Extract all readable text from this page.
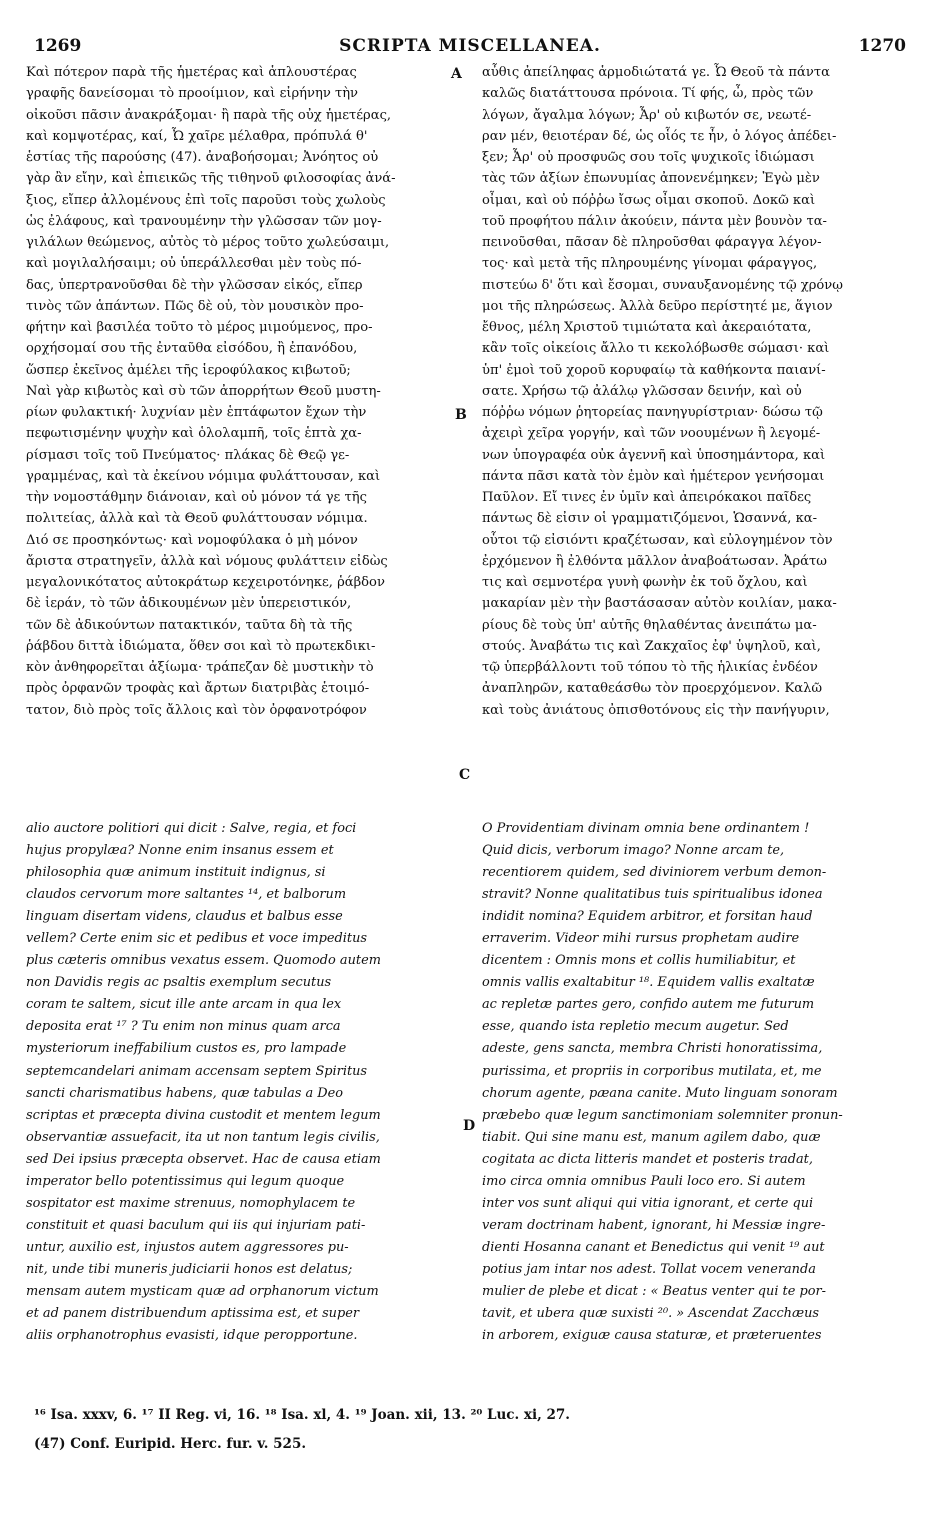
1269	SCRIPTA MISCELLANEA.	1270
Καὶ πότερον παρὰ τῆς ἡμετέρας καὶ ἁπλουστέρας
γραφῆς δανείσομαι τὸ προοίμιον, καὶ εἰρήνην τὴν
οἰκοῦσι πᾶσιν ἀνακράξομαι· ἢ παρὰ τῆς οὐχ ἡμετέρας,
καὶ κομψοτέρας, καί, Ὦ χαῖρε μέλαθρα, πρόπυλά θ'
ἑστίας τῆς παρούσης (47). ἀναβοήσομαι; Ἀνόητος οὐ
γὰρ ἂν εἴην, καὶ ἐπιεικῶς τῆς τιθηνοῦ φιλοσοφίας ἀνά-
ξιος, εἴπερ ἀλλομένους ἐπὶ τοῖς παροῦσι τοὺς χωλοὺς
ὡς ἐλάφους, καὶ τρανουμένην τὴν γλῶσσαν τῶν μογ-
γιλάλων θεώμενος, αὐτὸς τὸ μέρος τοῦτο χωλεύσαιμι,
καὶ μογιλαλήσαιμι; οὐ ὑπεράλλεσθαι μὲν τοὺς πό-
δας, ὑπερτρανοῦσθαι δὲ τὴν γλῶσσαν εἰκός, εἴπερ
τινὸς τῶν ἁπάντων. Πῶς δὲ οὐ, τὸν μουσικὸν προ-
φήτην καὶ βασιλέα τοῦτο τὸ μέρος μιμούμενος, προ-
ορχήσομαί σου τῆς ἐνταῦθα εἰσόδου, ἢ ἐπανόδου,
ὥσπερ ἐκεῖνος ἀμέλει τῆς ἱεροφύλακος κιβωτοῦ;
Ναὶ γὰρ κιβωτὸς καὶ σὺ τῶν ἀπορρήτων Θεοῦ μυστη-
ρίων φυλακτική· λυχνίαν μὲν ἑπτάφωτον ἔχων τὴν
πεφωτισμένην ψυχὴν καὶ ὁλολαμπῆ, τοῖς ἑπτὰ χα-
ρίσμασι τοῖς τοῦ Πνεύματος· πλάκας δὲ Θεῷ γε-
γραμμένας, καὶ τὰ ἐκείνου νόμιμα φυλάττουσαν, καὶ
τὴν νομοστάθμην διάνοιαν, καὶ οὐ μόνον τά γε τῆς
πολιτείας, ἀλλὰ καὶ τὰ Θεοῦ φυλάττουσαν νόμιμα.
Διό σε προσηκόντως· καὶ νομοφύλακα ὁ μὴ μόνον
ἄριστα στρατηγεῖν, ἀλλὰ καὶ νόμους φυλάττειν εἰδὼς
μεγαλονικότατος αὐτοκράτωρ κεχειροτόνηκε, ῥάβδον
δὲ ἱεράν, τὸ τῶν ἀδικουμένων μὲν ὑπερειστικόν,
τῶν δὲ ἀδικούντων πατακτικόν, ταῦτα δὴ τὰ τῆς
ῥάβδου διττὰ ἰδιώματα, ὅθεν σοι καὶ τὸ πρωτεκδικι-
κὸν ἀνθηφορεῖται ἀξίωμα· τράπεζαν δὲ μυστικὴν τὸ
πρὸς ὀρφανῶν τροφὰς καὶ ἄρτων διατριβὰς ἑτοιμό-
τατον, διὸ πρὸς τοῖς ἄλλοις καὶ τὸν ὀρφανοτρόφον
αὖθις ἀπείληφας ἁρμοδιώτατά γε. Ὦ Θεοῦ τὰ πάντα
καλῶς διατάττουσα πρόνοια. Τί φής, ὦ, πρὸς τῶν
λόγων, ἄγαλμα λόγων; Ἆρ' οὐ κιβωτόν σε, νεωτέ-
ραν μέν, θειοτέραν δέ, ὡς οἷός τε ἦν, ὁ λόγος ἀπέδει-
ξεν; Ἆρ' οὐ προσφυῶς σου τοῖς ψυχικοῖς ἰδιώμασι
τὰς τῶν ἀξίων ἐπωνυμίας ἀπονενέμηκεν; Ἐγὼ μὲν
οἶμαι, καὶ οὐ πόῤῥω ἴσως οἶμαι σκοποῦ. Δοκῶ καὶ
τοῦ προφήτου πάλιν ἀκούειν, πάντα μὲν βουνὸν τα-
πεινοῦσθαι, πᾶσαν δὲ πληροῦσθαι φάραγγα λέγον-
τος· καὶ μετὰ τῆς πληρουμένης γίνομαι φάραγγος,
πιστεύω δ' ὅτι καὶ ἔσομαι, συναυξανομένης τῷ χρόνῳ
μοι τῆς πληρώσεως. Ἀλλὰ δεῦρο περίστητέ με, ἅγιον
ἔθνος, μέλη Χριστοῦ τιμιώτατα καὶ ἀκεραιότατα,
κἂν τοῖς οἰκείοις ἄλλο τι κεκολόβωσθε σώμασι· καὶ
ὑπ' ἐμοὶ τοῦ χοροῦ κορυφαίῳ τὰ καθήκοντα παιανί-
σατε. Χρήσω τῷ ἀλάλῳ γλῶσσαν δεινήν, καὶ οὐ
πόῤῥω νόμων ῥητορείας πανηγυρίστριαν· δώσω τῷ
ἀχειρὶ χεῖρα γοργήν, καὶ τῶν νοουμένων ἢ λεγομέ-
νων ὑπογραφέα οὐκ ἀγεννῆ καὶ ὑποσημάντορα, καὶ
πάντα πᾶσι κατὰ τὸν ἐμὸν καὶ ἡμέτερον γενήσομαι
Παῦλον. Εἴ τινες ἐν ὑμῖν καὶ ἀπειρόκακοι παῖδες
πάντως δὲ εἰσιν οἱ γραμματιζόμενοι, Ὡσαννά, κα-
οὗτοι τῷ εἰσιόντι κραζέτωσαν, καὶ εὐλογημένον τὸν
ἐρχόμενον ἢ ἐλθόντα μᾶλλον ἀναβοάτωσαν. Ἀράτω
τις καὶ σεμνοτέρα γυνὴ φωνὴν ἐκ τοῦ ὄχλου, καὶ
μακαρίαν μὲν τὴν βαστάσασαν αὐτὸν κοιλίαν, μακα-
ρίους δὲ τοὺς ὑπ' αὐτῆς θηλαθέντας ἀνειπάτω μα-
στούς. Ἀναβάτω τις καὶ Ζακχαῖος ἐφ' ὑψηλοῦ, καὶ,
τῷ ὑπερβάλλοντι τοῦ τόπου τὸ τῆς ἡλικίας ἐνδέον
ἀναπληρῶν, καταθεάσθω τὸν προερχόμενον. Καλῶ
καὶ τοὺς ἀνιάτους ὀπισθοτόνους εἰς τὴν πανήγυριν,
A
B
C
D
alio auctore politiori qui dicit : Salve, regia, et foci
hujus propylæa? Nonne enim insanus essem et
philosophia quæ animum instituit indignus, si
claudos cervorum more saltantes ¹⁴, et balborum
linguam disertam videns, claudus et balbus esse
vellem? Certe enim sic et pedibus et voce impeditus
plus cæteris omnibus vexatus essem. Quomodo autem
non Davidis regis ac psaltis exemplum secutus
coram te saltem, sicut ille ante arcam in qua lex
deposita erat ¹⁷ ? Tu enim non minus quam arca
mysteriorum ineffabilium custos es, pro lampade
septemcandelari animam accensam septem Spiritus
sancti charismatibus habens, quæ tabulas a Deo
scriptas et præcepta divina custodit et mentem legum
observantiæ assuefacit, ita ut non tantum legis civilis,
sed Dei ipsius præcepta observet. Hac de causa etiam
imperator bello potentissimus qui legum quoque
sospitator est maxime strenuus, nomophylacem te
constituit et quasi baculum qui iis qui injuriam pati-
untur, auxilio est, injustos autem aggressores pu-
nit, unde tibi muneris judiciarii honos est delatus;
mensam autem mysticam quæ ad orphanorum victum
et ad panem distribuendum aptissima est, et super
aliis orphanotrophus evasisti, idque peropportune.
O Providentiam divinam omnia bene ordinantem !
Quid dicis, verborum imago? Nonne arcam te,
recentiorem quidem, sed diviniorem verbum demon-
stravit? Nonne qualitatibus tuis spiritualibus idonea
indidit nomina? Equidem arbitror, et forsitan haud
erraverim. Videor mihi rursus prophetam audire
dicentem : Omnis mons et collis humiliabitur, et
omnis vallis exaltabitur ¹⁸. Equidem vallis exaltatæ
ac repletæ partes gero, confido autem me futurum
esse, quando ista repletio mecum augetur. Sed
adeste, gens sancta, membra Christi honoratissima,
purissima, et propriis in corporibus mutilata, et, me
chorum agente, pæana canite. Muto linguam sonoram
præbebo quæ legum sanctimoniam solemniter pronun-
tiabit. Qui sine manu est, manum agilem dabo, quæ
cogitata ac dicta litteris mandet et posteris tradat,
imo circa omnia omnibus Pauli loco ero. Si autem
inter vos sunt aliqui qui vitia ignorant, et certe qui
veram doctrinam habent, ignorant, hi Messiæ ingre-
dienti Hosanna canant et Benedictus qui venit ¹⁹ aut
potius jam intar nos adest. Tollat vocem veneranda
mulier de plebe et dicat : « Beatus venter qui te por-
tavit, et ubera quæ suxisti ²⁰. » Ascendat Zacchæus
in arborem, exiguæ causa staturæ, et præteruentes
¹⁶ Isa. xxxv, 6. ¹⁷ II Reg. vi, 16. ¹⁸ Isa. xl, 4. ¹⁹ Joan. xii, 13. ²⁰ Luc. xi, 27.
(47) Conf. Euripid. Herc. fur. v. 525.
